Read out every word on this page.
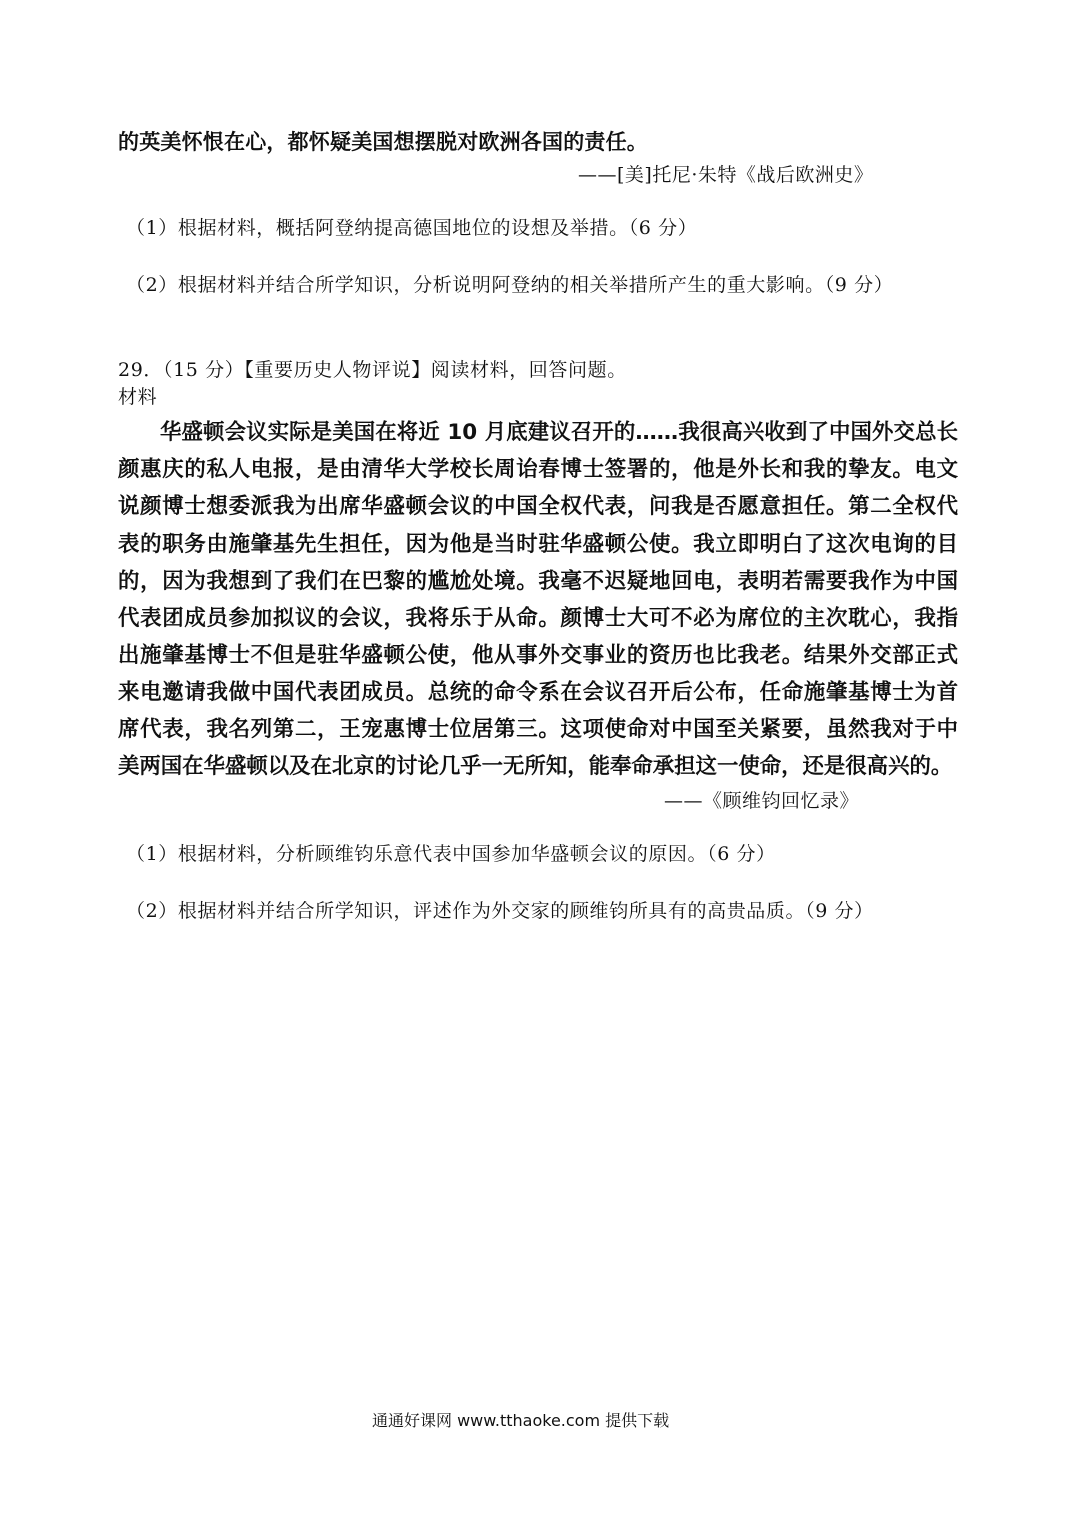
的英美怀恨在心，都怀疑美国想摆脱对欧洲各国的责任。
——[美]托尼·朱特《战后欧洲史》
（1）根据材料，概括阿登纳提高德国地位的设想及举措。（6 分）
（2）根据材料并结合所学知识，分析说明阿登纳的相关举措所产生的重大影响。（9 分）
29．（15 分）【重要历史人物评说】阅读材料，回答问题。
材料
华盛顿会议实际是美国在将近 10 月底建议召开的……我很高兴收到了中国外交总长
颜惠庆的私人电报，是由清华大学校长周诒春博士签署的，他是外长和我的挚友。电文
说颜博士想委派我为出席华盛顿会议的中国全权代表，问我是否愿意担任。第二全权代
表的职务由施肇基先生担任，因为他是当时驻华盛顿公使。我立即明白了这次电询的目
的，因为我想到了我们在巴黎的尴尬处境。我毫不迟疑地回电，表明若需要我作为中国
代表团成员参加拟议的会议，我将乐于从命。颜博士大可不必为席位的主次耽心，我指
出施肇基博士不但是驻华盛顿公使，他从事外交事业的资历也比我老。结果外交部正式
来电邀请我做中国代表团成员。总统的命令系在会议召开后公布，任命施肇基博士为首
席代表，我名列第二，王宠惠博士位居第三。这项使命对中国至关紧要，虽然我对于中
美两国在华盛顿以及在北京的讨论几乎一无所知，能奉命承担这一使命，还是很高兴的。
——《顾维钧回忆录》
（1）根据材料，分析顾维钧乐意代表中国参加华盛顿会议的原因。（6 分）
（2）根据材料并结合所学知识，评述作为外交家的顾维钧所具有的高贵品质。（9 分）
通通好课网 www.tthaoke.com 提供下载
